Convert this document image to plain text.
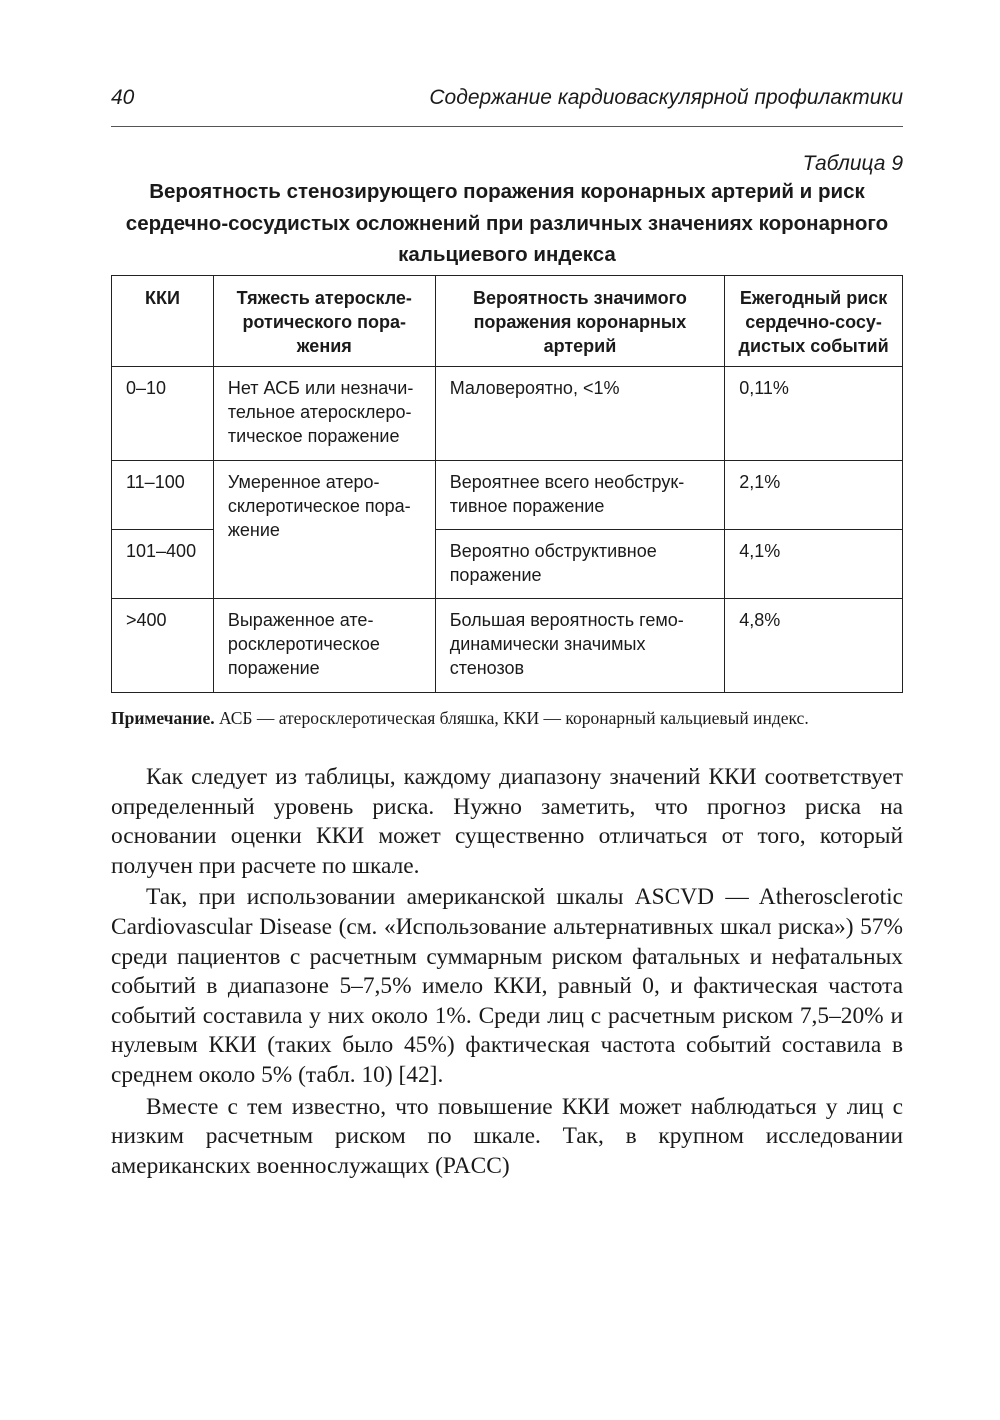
40	Содержание кардиоваскулярной профилактики
Таблица 9
Вероятность стенозирующего поражения коронарных артерий и риск сердечно-сосудистых осложнений при различных значениях коронарного кальциевого индекса
ККИ	Тяжесть атероскле-ротического пора-жения	Вероятность значимого поражения коронарных артерий	Ежегодный риск сердечно-сосу-дистых событий
0–10	Нет АСБ или незначи-тельное атеросклеро-тическое поражение	Маловероятно, <1%	0,11%
11–100	Умеренное атеро-склеротическое пора-жение	Вероятнее всего необструк-тивное поражение	2,1%
101–400		Вероятно обструктивное поражение	4,1%
>400	Выраженное ате-росклеротическое поражение	Большая вероятность гемо-динамически значимых стенозов	4,8%
Примечание. АСБ — атеросклеротическая бляшка, ККИ — коронарный кальциевый индекс.

Как следует из таблицы, каждому диапазону значений ККИ соответствует определенный уровень риска. Нужно заметить, что прогноз риска на основании оценки ККИ может существенно отличаться от того, который получен при расчете по шкале.

Так, при использовании американской шкалы ASCVD — Atherosclerotic Cardiovascular Disease (см. «Использование альтернативных шкал риска») 57% среди пациентов с расчетным суммарным риском фатальных и нефатальных событий в диапазоне 5–7,5% имело ККИ, равный 0, и фактическая частота событий составила у них около 1%. Среди лиц с расчетным риском 7,5–20% и нулевым ККИ (таких было 45%) фактическая частота событий составила в среднем около 5% (табл. 10) [42].

Вместе с тем известно, что повышение ККИ может наблюдаться у лиц с низким расчетным риском по шкале. Так, в крупном исследовании американских военнослужащих (PACC)
